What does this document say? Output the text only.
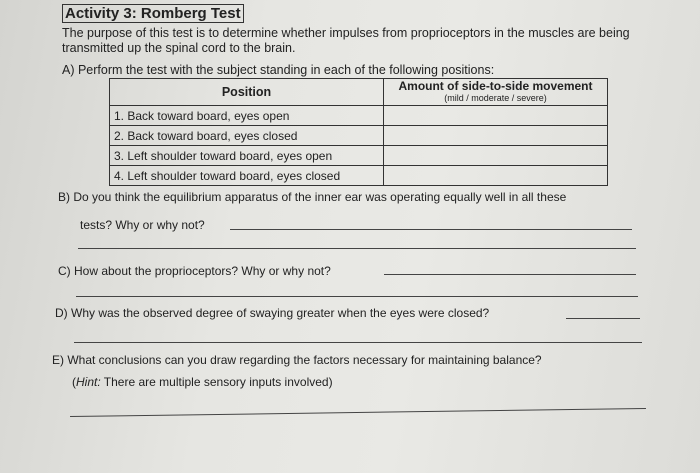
Activity 3: Romberg Test
The purpose of this test is to determine whether impulses from proprioceptors in the muscles are being transmitted up the spinal cord to the brain.
A) Perform the test with the subject standing in each of the following positions:
Position	Amount of side-to-side movement
(mild / moderate / severe)

1. Back toward board, eyes open	
2. Back toward board, eyes closed	
3. Left shoulder toward board, eyes open	
4. Left shoulder toward board, eyes closed	
B) Do you think the equilibrium apparatus of the inner ear was operating equally well in all these
tests? Why or why not?
C) How about the proprioceptors? Why or why not?
D) Why was the observed degree of swaying greater when the eyes were closed?
E) What conclusions can you draw regarding the factors necessary for maintaining balance?
(Hint: There are multiple sensory inputs involved)
